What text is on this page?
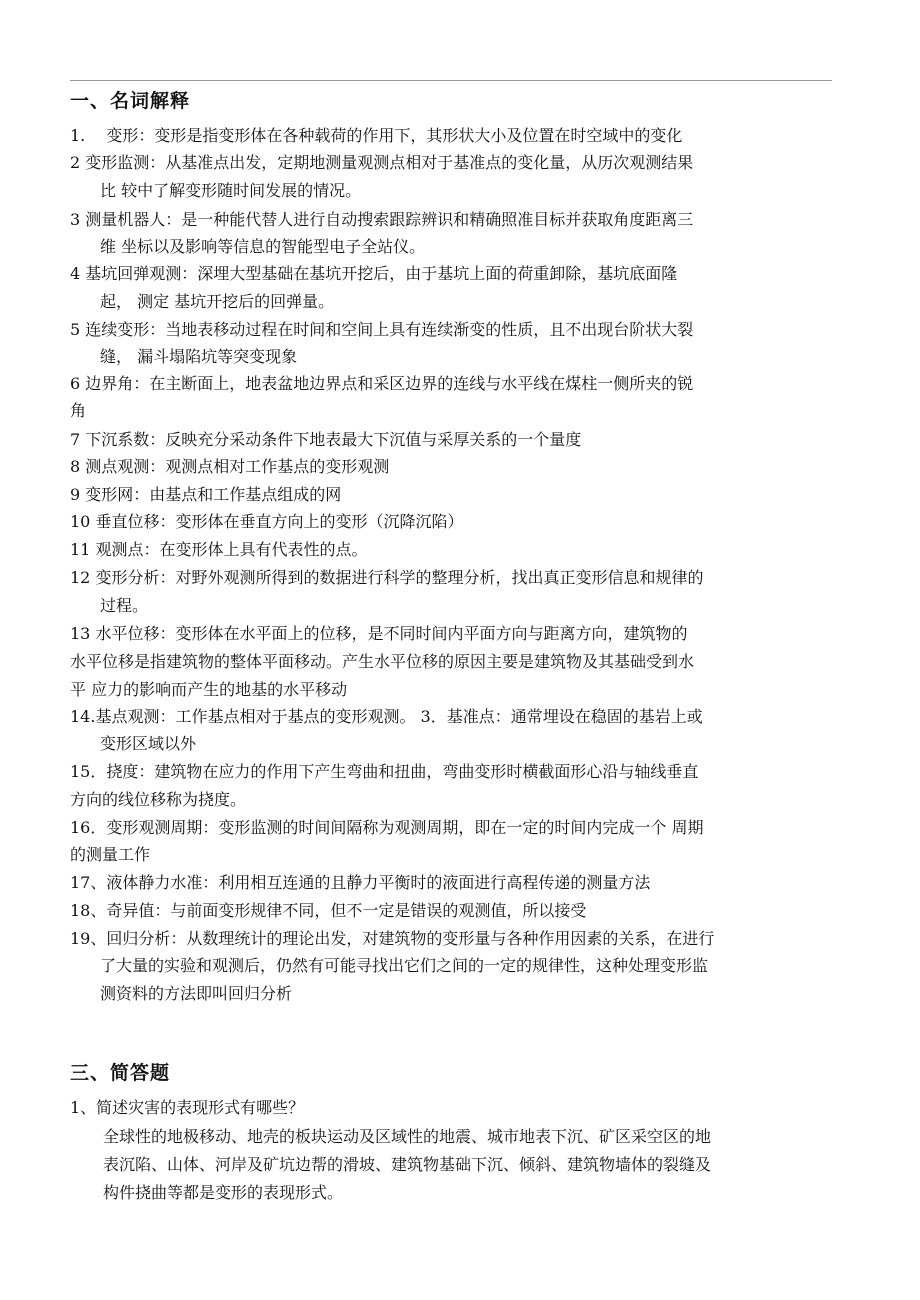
一、名词解释
1.　 变形：变形是指变形体在各种载荷的作用下，其形状大小及位置在时空域中的变化
2 变形监测：从基准点出发，定期地测量观测点相对于基准点的变化量，从历次观测结果
比 较中了解变形随时间发展的情况。
3 测量机器人：是一种能代替人进行自动搜索跟踪辨识和精确照准目标并获取角度距离三
维 坐标以及影响等信息的智能型电子全站仪。
4 基坑回弹观测：深埋大型基础在基坑开挖后，由于基坑上面的荷重卸除，基坑底面隆
起， 测定 基坑开挖后的回弹量。
5 连续变形：当地表移动过程在时间和空间上具有连续渐变的性质，且不出现台阶状大裂
缝， 漏斗塌陷坑等突变现象
6 边界角：在主断面上，地表盆地边界点和采区边界的连线与水平线在煤柱一侧所夹的锐
角
7 下沉系数：反映充分采动条件下地表最大下沉值与采厚关系的一个量度
8 测点观测：观测点相对工作基点的变形观测
9 变形网：由基点和工作基点组成的网
10 垂直位移：变形体在垂直方向上的变形（沉降沉陷）
11 观测点：在变形体上具有代表性的点。
12 变形分析：对野外观测所得到的数据进行科学的整理分析，找出真正变形信息和规律的
过程。
13 水平位移：变形体在水平面上的位移，是不同时间内平面方向与距离方向，建筑物的
水平位移是指建筑物的整体平面移动。产生水平位移的原因主要是建筑物及其基础受到水
平 应力的影响而产生的地基的水平移动
14.基点观测：工作基点相对于基点的变形观测。 3．基准点：通常埋设在稳固的基岩上或
变形区域以外
15．挠度：建筑物在应力的作用下产生弯曲和扭曲，弯曲变形时横截面形心沿与轴线垂直
方向的线位移称为挠度。
16．变形观测周期：变形监测的时间间隔称为观测周期，即在一定的时间内完成一个 周期
的测量工作
17、液体静力水准：利用相互连通的且静力平衡时的液面进行高程传递的测量方法
18、奇异值：与前面变形规律不同，但不一定是错误的观测值，所以接受
19、回归分析：从数理统计的理论出发，对建筑物的变形量与各种作用因素的关系，在进行
了大量的实验和观测后，仍然有可能寻找出它们之间的一定的规律性，这种处理变形监
测资料的方法即叫回归分析
三、简答题
1、简述灾害的表现形式有哪些？
全球性的地极移动、地壳的板块运动及区域性的地震、城市地表下沉、矿区采空区的地
表沉陷、山体、河岸及矿坑边帮的滑坡、建筑物基础下沉、倾斜、建筑物墙体的裂缝及
构件挠曲等都是变形的表现形式。
